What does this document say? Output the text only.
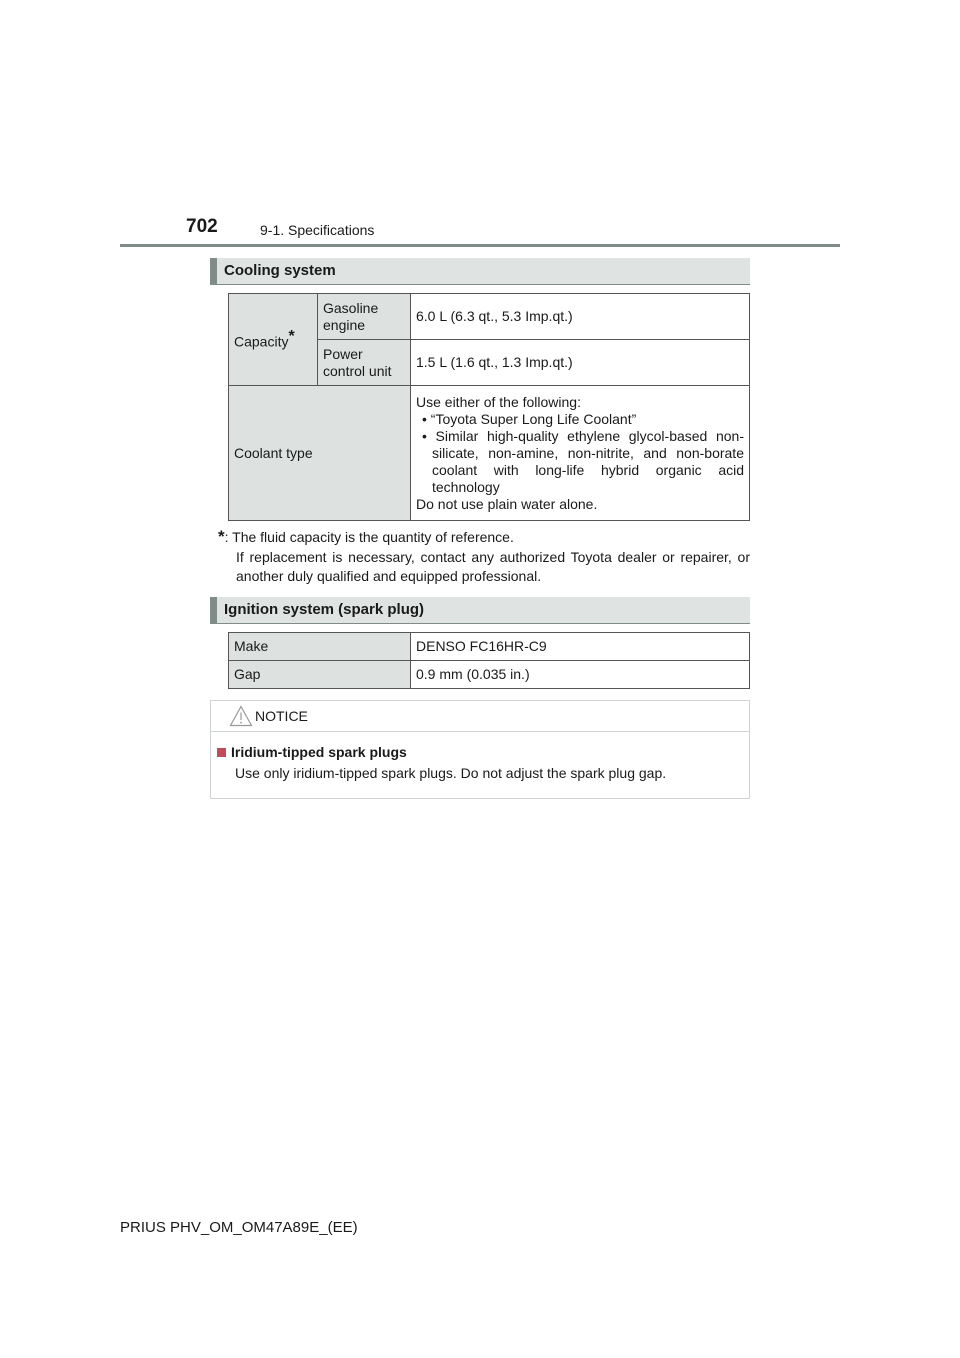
702	9-1. Specifications
Cooling system
Capacity*	Gasoline engine	6.0 L (6.3 qt., 5.3 Imp.qt.)
	Power control unit	1.5 L (1.6 qt., 1.3 Imp.qt.)
Coolant type		Use either of the following:
• “Toyota Super Long Life Coolant”
• Similar high-quality ethylene glycol-based non-silicate, non-amine, non-nitrite, and non-borate coolant with long-life hybrid organic acid technology
Do not use plain water alone.
*: The fluid capacity is the quantity of reference.
If replacement is necessary, contact any authorized Toyota dealer or repairer, or another duly qualified and equipped professional.
Ignition system (spark plug)
Make	DENSO FC16HR-C9
Gap	0.9 mm (0.035 in.)
NOTICE
Iridium-tipped spark plugs
Use only iridium-tipped spark plugs. Do not adjust the spark plug gap.
PRIUS PHV_OM_OM47A89E_(EE)
